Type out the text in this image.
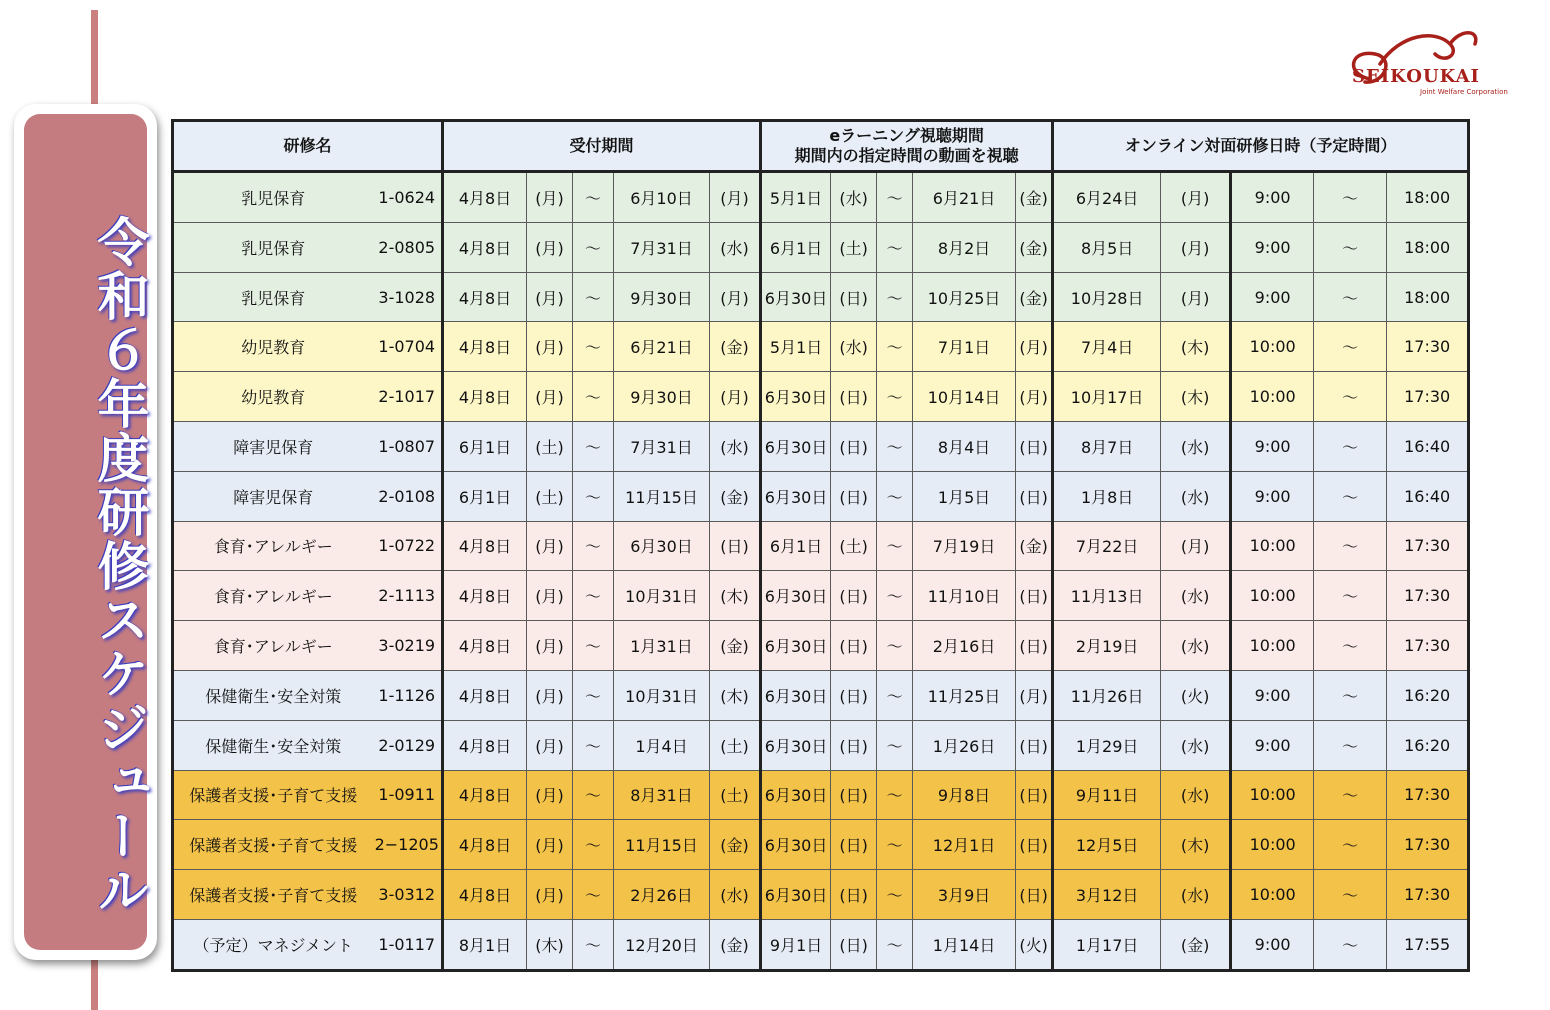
令和６年度研修スケジュール
SEIKOUKAI
Joint Welfare Corporation
研修名		受付期間					eラーニング視聴期間
期間内の指定時間の動画を視聴					オンライン対面研修日時（予定時間）				
乳児保育	1-0624	4月8日	(月)	～	6月10日	(月)	5月1日	(水)	～	6月21日	(金)	6月24日	(月)	9:00	～	18:00
乳児保育	2-0805	4月8日	(月)	～	7月31日	(水)	6月1日	(土)	～	8月2日	(金)	8月5日	(月)	9:00	～	18:00
乳児保育	3-1028	4月8日	(月)	～	9月30日	(月)	6月30日	(日)	～	10月25日	(金)	10月28日	(月)	9:00	～	18:00
幼児教育	1-0704	4月8日	(月)	～	6月21日	(金)	5月1日	(水)	～	7月1日	(月)	7月4日	(木)	10:00	～	17:30
幼児教育	2-1017	4月8日	(月)	～	9月30日	(月)	6月30日	(日)	～	10月14日	(月)	10月17日	(木)	10:00	～	17:30
障害児保育	1-0807	6月1日	(土)	～	7月31日	(水)	6月30日	(日)	～	8月4日	(日)	8月7日	(水)	9:00	～	16:40
障害児保育	2-0108	6月1日	(土)	～	11月15日	(金)	6月30日	(日)	～	1月5日	(日)	1月8日	(水)	9:00	～	16:40
食育･アレルギー	1-0722	4月8日	(月)	～	6月30日	(日)	6月1日	(土)	～	7月19日	(金)	7月22日	(月)	10:00	～	17:30
食育･アレルギー	2-1113	4月8日	(月)	～	10月31日	(木)	6月30日	(日)	～	11月10日	(日)	11月13日	(水)	10:00	～	17:30
食育･アレルギー	3-0219	4月8日	(月)	～	1月31日	(金)	6月30日	(日)	～	2月16日	(日)	2月19日	(水)	10:00	～	17:30
保健衛生･安全対策	1-1126	4月8日	(月)	～	10月31日	(木)	6月30日	(日)	～	11月25日	(月)	11月26日	(火)	9:00	～	16:20
保健衛生･安全対策	2-0129	4月8日	(月)	～	1月4日	(土)	6月30日	(日)	～	1月26日	(日)	1月29日	(水)	9:00	～	16:20
保護者支援･子育て支援	1-0911	4月8日	(月)	～	8月31日	(土)	6月30日	(日)	～	9月8日	(日)	9月11日	(水)	10:00	～	17:30
保護者支援･子育て支援	2−1205	4月8日	(月)	～	11月15日	(金)	6月30日	(日)	～	12月1日	(日)	12月5日	(木)	10:00	～	17:30
保護者支援･子育て支援	3-0312	4月8日	(月)	～	2月26日	(水)	6月30日	(日)	～	3月9日	(日)	3月12日	(水)	10:00	～	17:30
（予定）マネジメント	1-0117	8月1日	(木)	～	12月20日	(金)	9月1日	(日)	～	1月14日	(火)	1月17日	(金)	9:00	～	17:55
